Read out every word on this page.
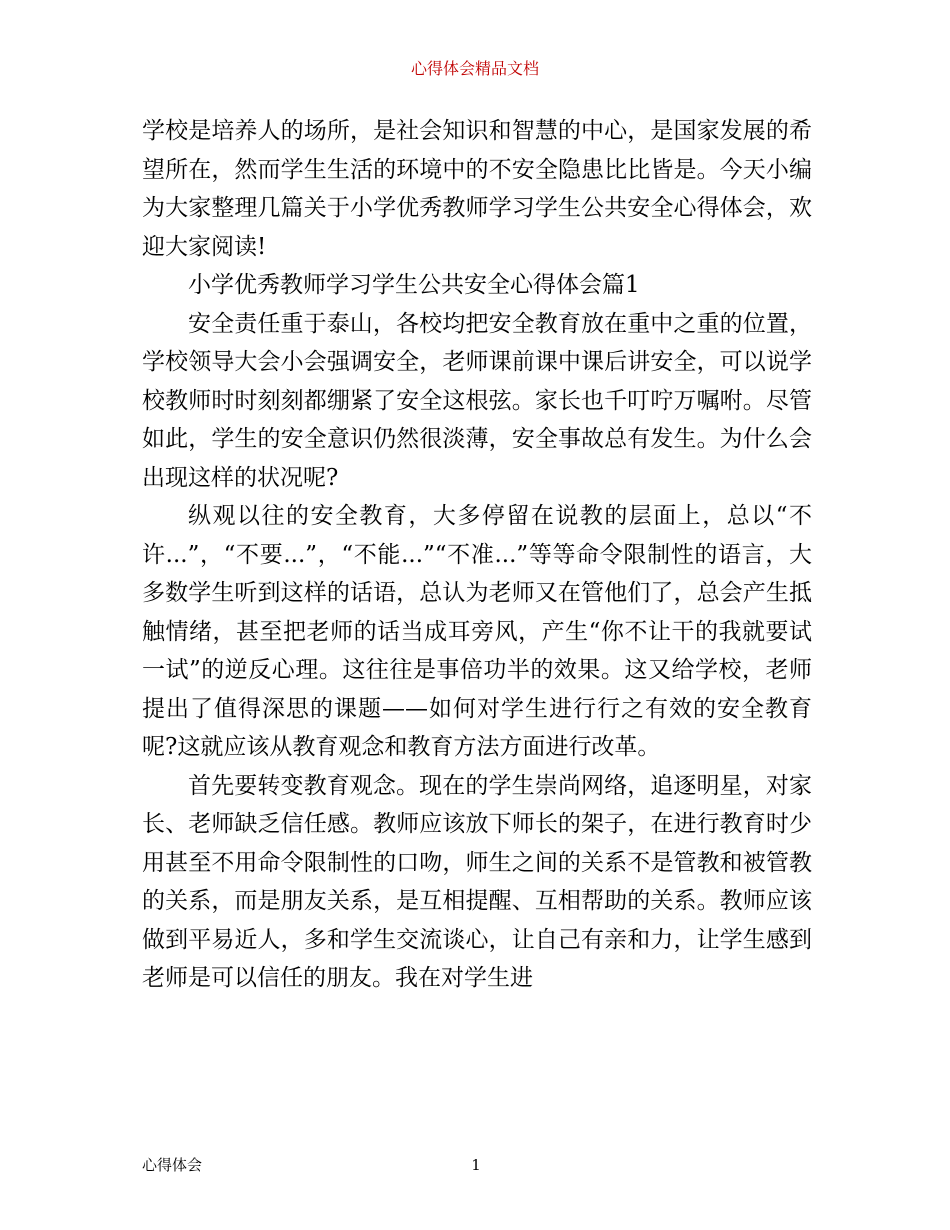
心得体会精品文档

学校是培养人的场所，是社会知识和智慧的中心，是国家发展的希望所在，然而学生生活的环境中的不安全隐患比比皆是。今天小编为大家整理几篇关于小学优秀教师学习学生公共安全心得体会，欢迎大家阅读!

小学优秀教师学习学生公共安全心得体会篇1

安全责任重于泰山，各校均把安全教育放在重中之重的位置，学校领导大会小会强调安全，老师课前课中课后讲安全，可以说学校教师时时刻刻都绷紧了安全这根弦。家长也千叮咛万嘱咐。尽管如此，学生的安全意识仍然很淡薄，安全事故总有发生。为什么会出现这样的状况呢?

纵观以往的安全教育，大多停留在说教的层面上，总以“不许...”，“不要...”，“不能...”“不准...”等等命令限制性的语言，大多数学生听到这样的话语，总认为老师又在管他们了，总会产生抵触情绪，甚至把老师的话当成耳旁风，产生“你不让干的我就要试一试”的逆反心理。这往往是事倍功半的效果。这又给学校，老师提出了值得深思的课题——如何对学生进行行之有效的安全教育呢?这就应该从教育观念和教育方法方面进行改革。

首先要转变教育观念。现在的学生崇尚网络，追逐明星，对家长、老师缺乏信任感。教师应该放下师长的架子，在进行教育时少用甚至不用命令限制性的口吻，师生之间的关系不是管教和被管教的关系，而是朋友关系，是互相提醒、互相帮助的关系。教师应该做到平易近人，多和学生交流谈心，让自己有亲和力，让学生感到老师是可以信任的朋友。我在对学生进

心得体会	1
